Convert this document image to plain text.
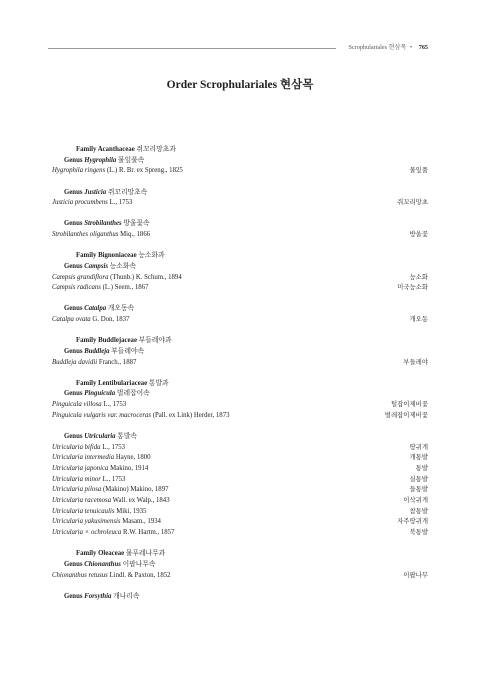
Scrophulariales 현삼목 • 765
Order Scrophulariales 현삼목
Family Acanthaceae 쥐꼬리망초과
Genus Hygrophila 물잎풀속
Hygrophila ringens (L.) R. Br. ex Spreng., 1825	물잎풀
Genus Justicia 쥐꼬리망초속
Justicia procumbens L., 1753	쥐꼬리망초
Genus Strobilanthes 방울꽃속
Strobilanthes oliganthus Miq., 1866	방울꽃
Family Bignoniaceae 능소화과
Genus Campsis 능소화속
Campsis grandiflora (Thunb.) K. Schum., 1894	능소화
Campsis radicans (L.) Seem., 1867	미국능소화
Genus Catalpa 개오동속
Catalpa ovata G. Don, 1837	개오동
Family Buddlejaceae 부들레야과
Genus Buddleja 부들레야속
Buddleja davidii Franch., 1887	부들레야
Family Lentibulariaceae 통발과
Genus Pinguicula 벌레잡이속
Pinguicula villosa L., 1753	털잡이제비꽃
Pinguicula vulgaris var. macroceras (Pall. ex Link) Herder, 1873	벌레잡이제비꽃
Genus Utricularia 통발속
Utricularia bifida L., 1753	땅귀개
Utricularia intermedia Hayne, 1800	개통발
Utricularia japonica Makino, 1914	통발
Utricularia minor L., 1753	실통발
Utricularia pilosa (Makino) Makino, 1897	들통발
Utricularia racemosa Wall. ex Walp., 1843	이삭귀개
Utricularia tenuicaulis Miki, 1935	참통발
Utricularia yakusimensis Masam., 1934	자주땅귀개
Utricularia × ochroleuca R.W. Hartm., 1857	북통발
Family Oleaceae 물푸레나무과
Genus Chionanthus 이팝나무속
Chionanthus retusus Lindl. & Paxton, 1852	이팝나무
Genus Forsythia 개나리속
